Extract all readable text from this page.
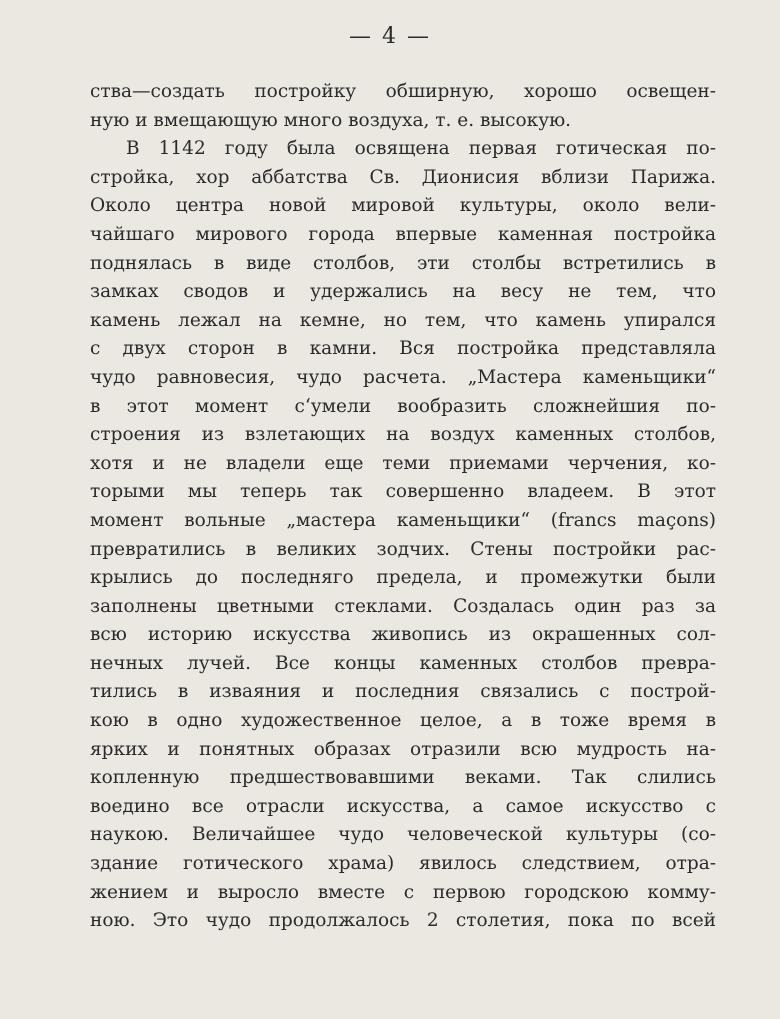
— 4 —
ства—создать постройку обширную, хорошо освещен-
ную и вмещающую много воздуха, т. е. высокую.
В 1142 году была освящена первая готическая по-
стройка, хор аббатства Св. Дионисия вблизи Парижа.
Около центра новой мировой культуры, около вели-
чайшаго мирового города впервые каменная постройка
поднялась в виде столбов, эти столбы встретились в
замках сводов и удержались на весу не тем, что
камень лежал на кемне, но тем, что камень упирался
с двух сторон в камни. Вся постройка представляла
чудо равновесия, чудо расчета. „Мастера каменьщики“
в этот момент с‘умели вообразить сложнейшия по-
строения из взлетающих на воздух каменных столбов,
хотя и не владели еще теми приемами черчения, ко-
торыми мы теперь так совершенно владеем. В этот
момент вольные „мастера каменьщики“ (francs maçons)
превратились в великих зодчих. Стены постройки рас-
крылись до последняго предела, и промежутки были
заполнены цветными стеклами. Создалась один раз за
всю историю искусства живопись из окрашенных сол-
нечных лучей. Все концы каменных столбов превра-
тились в изваяния и последния связались с построй-
кою в одно художественное целое, а в тоже время в
ярких и понятных образах отразили всю мудрость на-
копленную предшествовавшими веками. Так слились
воедино все отрасли искусства, а самое искусство с
наукою. Величайшее чудо человеческой культуры (со-
здание готического храма) явилось следствием, отра-
жением и выросло вместе с первою городскою комму-
ною. Это чудо продолжалось 2 столетия, пока по всей
